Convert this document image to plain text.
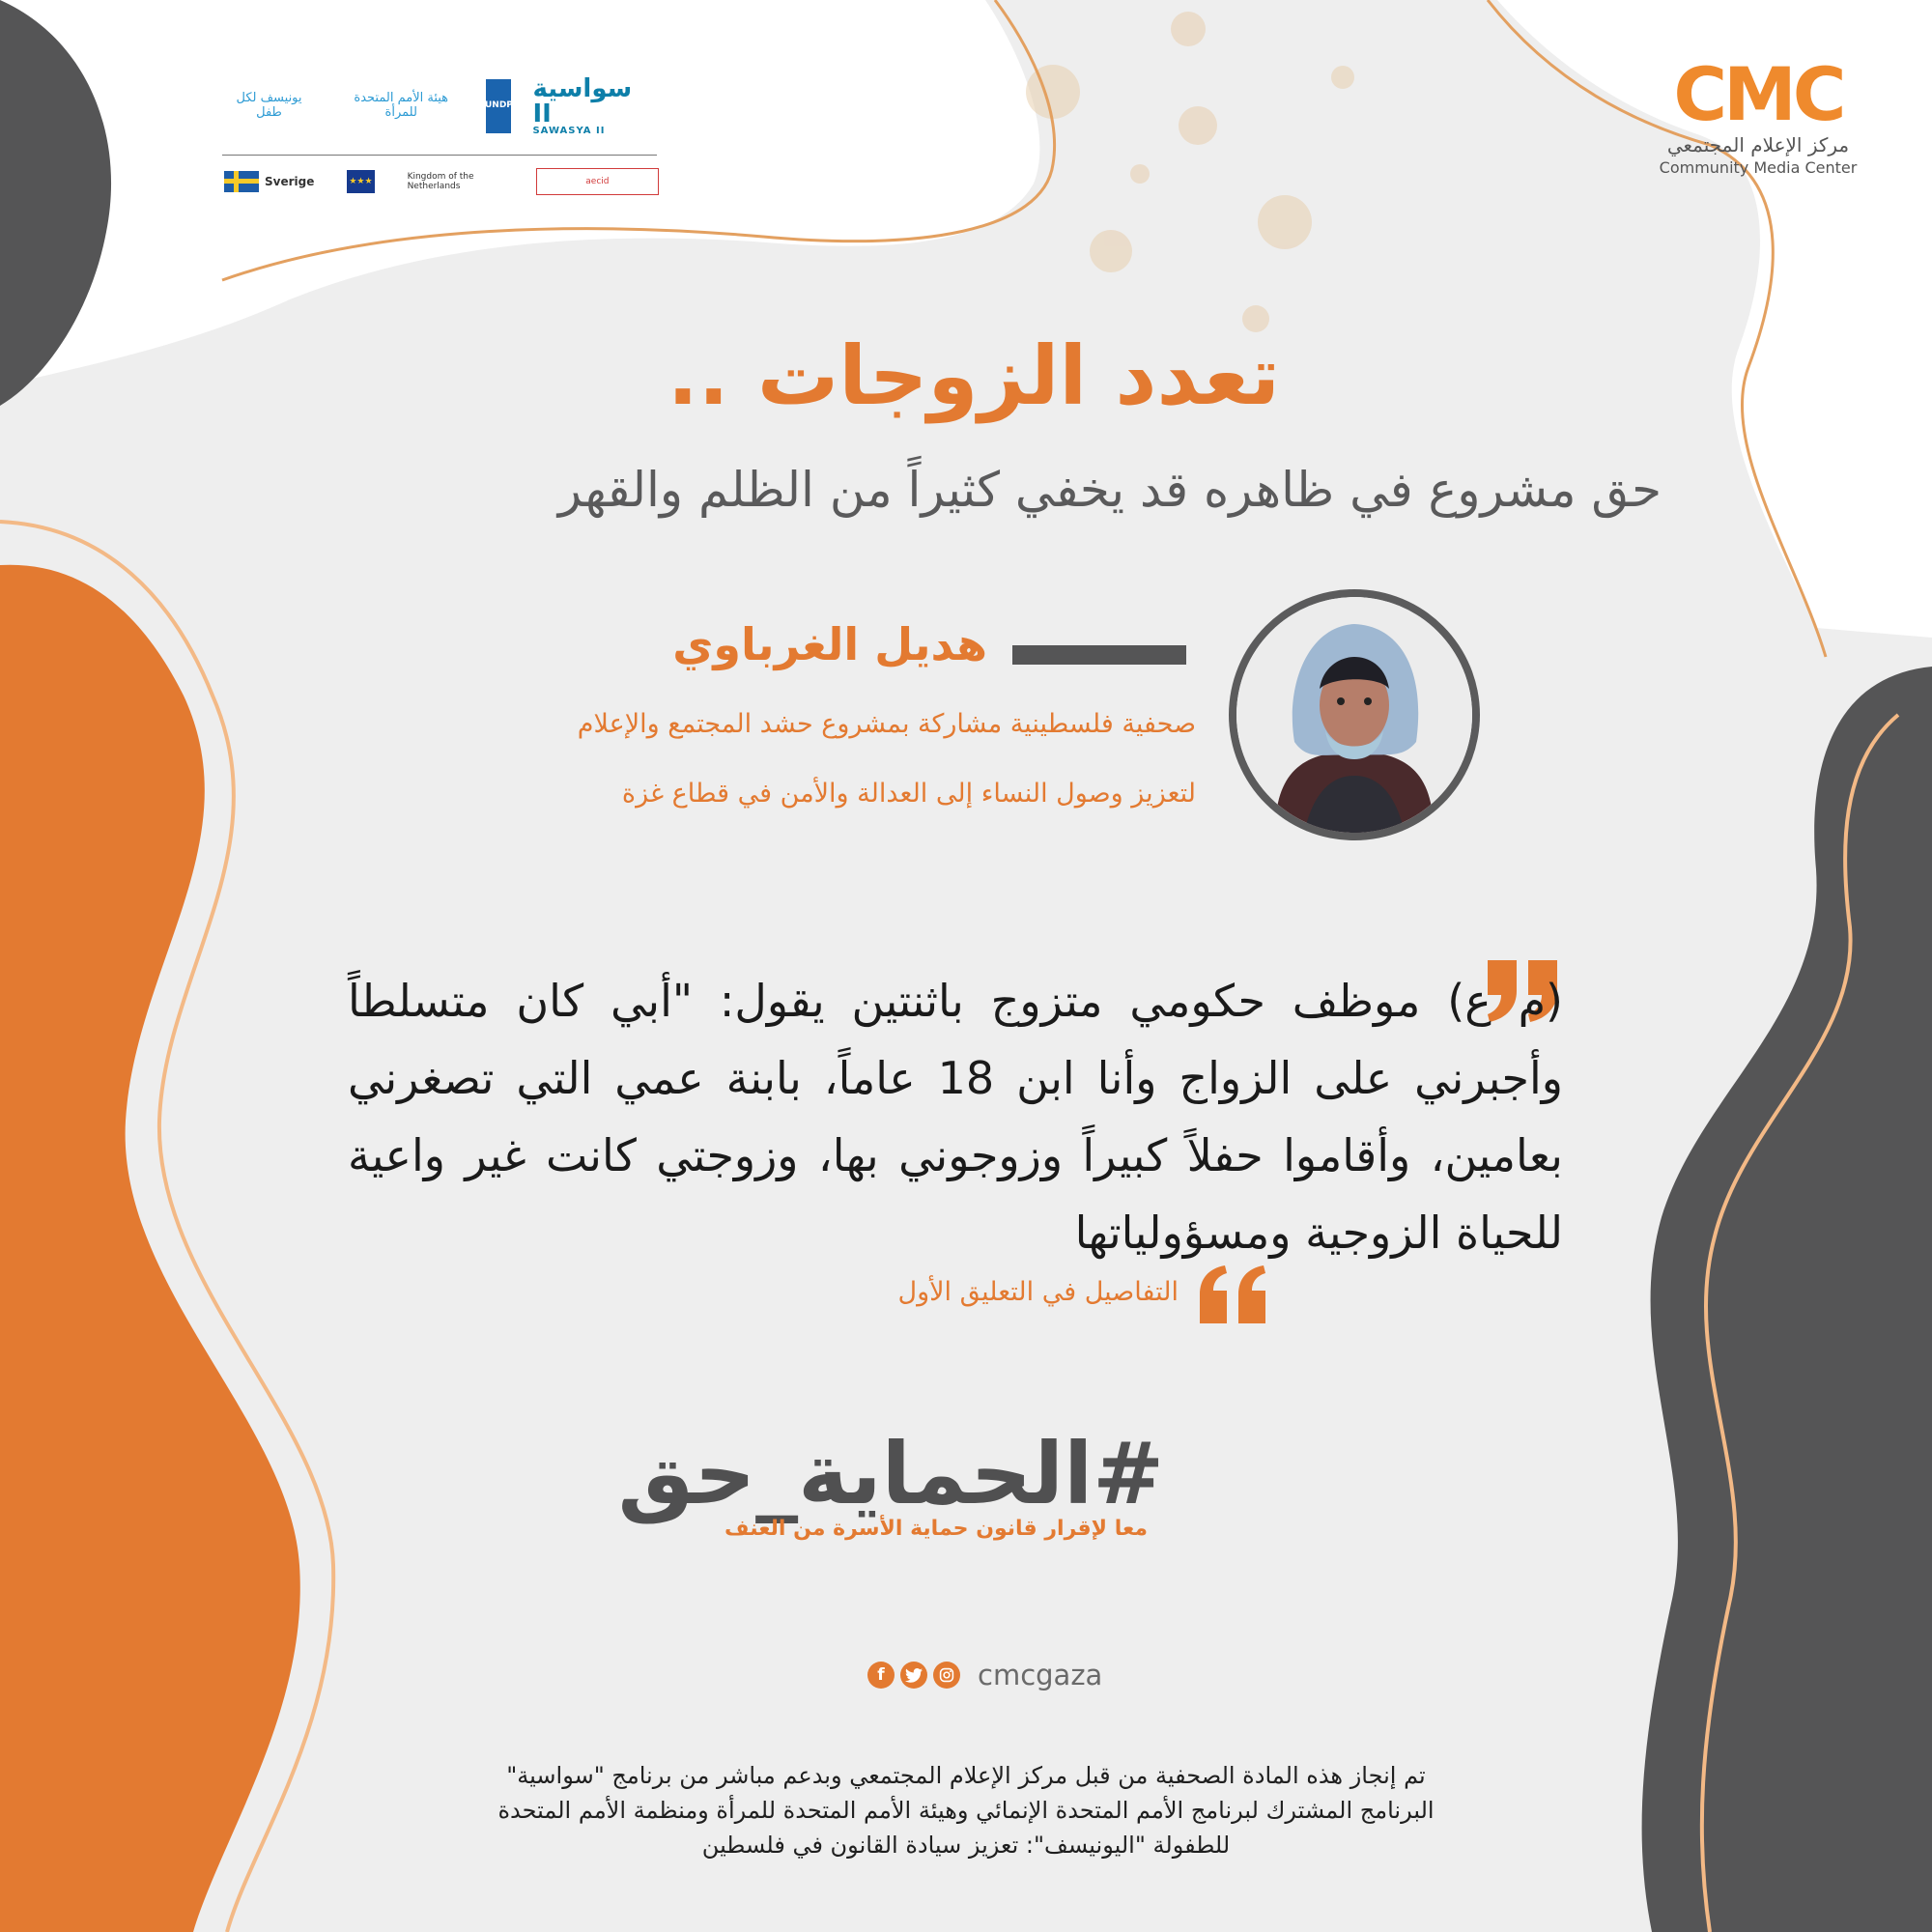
يونيسف لكل طفل
هيئة الأمم المتحدة للمرأة	UNDP
سواسية II
SAWASYA II
Sverige	★★★	Kingdom of the Netherlands	aecid
CMC
مركز الإعلام المجتمعي
Community Media Center
تعدد الزوجات ..
حق مشروع في ظاهره قد يخفي كثيراً من الظلم والقهر
هديل الغرباوي
صحفية فلسطينية مشاركة بمشروع حشد المجتمع والإعلام
لتعزيز وصول النساء إلى العدالة والأمن في قطاع غزة
(م ع) موظف حكومي متزوج باثنتين يقول: "أبي كان متسلطاً وأجبرني على الزواج وأنا ابن 18 عاماً، بابنة عمي التي تصغرني بعامين، وأقاموا حفلاً كبيراً وزوجوني بها، وزوجتي كانت غير واعية للحياة الزوجية ومسؤولياتها
التفاصيل في التعليق الأول
#الحماية_حق
معا لإقرار قانون حماية الأسرة من العنف
f	cmcgaza
تم إنجاز هذه المادة الصحفية من قبل مركز الإعلام المجتمعي وبدعم مباشر من برنامج "سواسية"
البرنامج المشترك لبرنامج الأمم المتحدة الإنمائي وهيئة الأمم المتحدة للمرأة ومنظمة الأمم المتحدة
للطفولة "اليونيسف": تعزيز سيادة القانون في فلسطين
